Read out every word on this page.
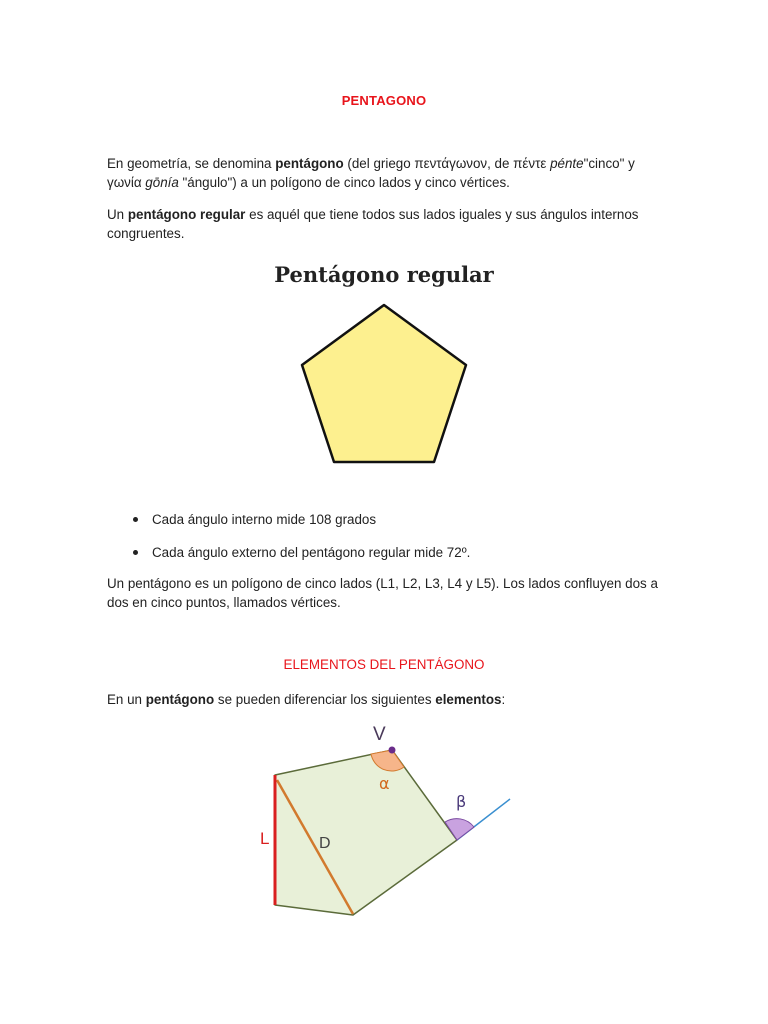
PENTAGONO
En geometría, se denomina pentágono (del griego πεντάγωνον, de πέντε pénte"cinco" y γωνία gōnía "ángulo") a un polígono de cinco lados y cinco vértices.
Un pentágono regular es aquél que tiene todos sus lados iguales y sus ángulos internos congruentes.
Pentágono regular
V
α
β
L	D
Cada ángulo interno mide 108 grados
Cada ángulo externo del pentágono regular mide 72º.
Un pentágono es un polígono de cinco lados (L1, L2, L3, L4 y L5). Los lados confluyen dos a dos en cinco puntos, llamados vértices.
ELEMENTOS DEL PENTÁGONO
En un pentágono se pueden diferenciar los siguientes elementos:
